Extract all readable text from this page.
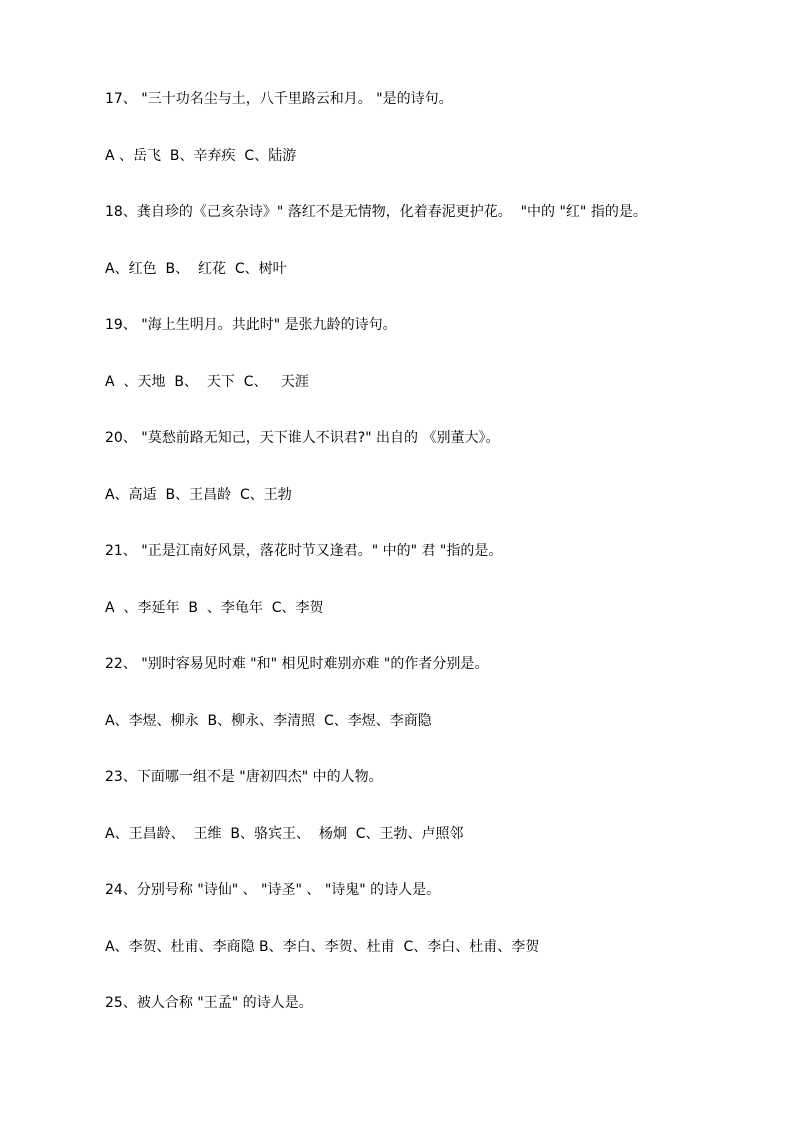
17、 "三十功名尘与土，八千里路云和月。 "是的诗句。
A 、岳飞  B、辛弃疾  C、陆游
18、龚自珍的《己亥杂诗》" 落红不是无情物，化着春泥更护花。  "中的 "红" 指的是。
A、红色  B、  红花  C、树叶
19、 "海上生明月。共此时" 是张九龄的诗句。
A  、天地  B、  天下  C、   天涯
20、 "莫愁前路无知己，天下谁人不识君?" 出自的 《别董大》。
A、高适  B、王昌龄  C、王勃
21、 "正是江南好风景，落花时节又逢君。" 中的" 君 "指的是。
A  、李延年  B  、李龟年  C、李贺
22、 "别时容易见时难 "和" 相见时难别亦难 "的作者分别是。
A、李煜、柳永  B、柳永、李清照  C、李煜、李商隐
23、下面哪一组不是 "唐初四杰" 中的人物。
A、王昌龄、  王维  B、骆宾王、  杨炯  C、王勃、卢照邻
24、分别号称 "诗仙" 、 "诗圣" 、 "诗鬼" 的诗人是。
A、李贺、杜甫、李商隐 B、李白、李贺、杜甫  C、李白、杜甫、李贺
25、被人合称 "王孟" 的诗人是。
